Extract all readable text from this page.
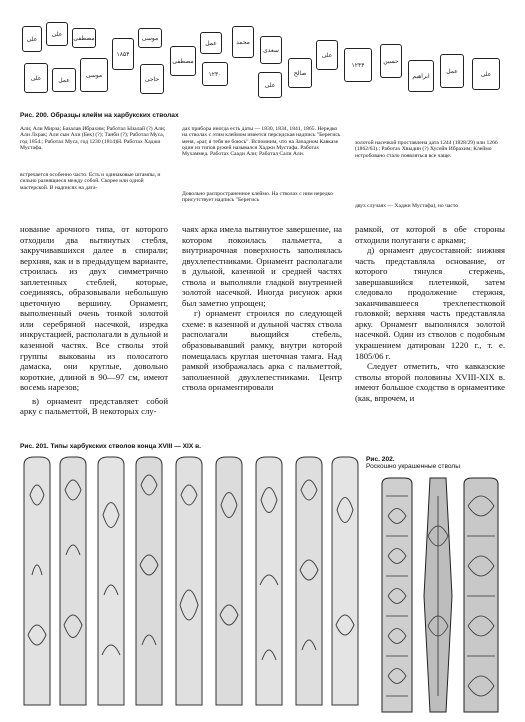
علی
علی
مصطفی
علی	عمل
موسی
۱۸۵۴
موسی
حاجی
مصطفی
عمل
۱۲۳۰
محمد
سعدی
علی
صالح
علی
۱۲۴۴
حسین
ابراهیم
عمل	علی
Рис. 200. Образцы клейм на харбукских стволах
Али; Али Мирза; Базалав Ибрахим; Работал Ызалай (?) Али; Али Лхрак; Али сын Али (Бек) (?); Танби (?); Работал Муса, год 1854.; Работал Муса, год 1230 (1814)Н. Работах Хаджи Мустафа.
встречается особенно часто. Есть и одинаковые штампы, и сильно разнящиеся между собой. Скорее или одной мастерской. В надписях на дата-
дах прибора иногда есть даты — 1830, 1834, 1841, 1865. Нередко на стволах с этим клеймом имеется персидская надпись "Берегись меня, «раг, я тебя не боюсь". Вспомним, что на Западном Кавказе один из типов ружей назывался Хаджи Мустафа. Работах Мухаммед. Работах Саади Али; Работал Сали Али.
Довольно распространенное клеймо. На стволах с ним нередко присутствует надпись "Берегись
золотой насечкой проставлена дата 1244 (1828/29) или 1266 (1862/63).; Работах Хвыдин (?) Хусейн Ибрахим; Клеймо истробовано стало появляться все чаще.
двух случаях — Хаджи Мустафа), но часто

нование арочного типа, от которого отходили два вытянутых стебля, закручивавшихся далее в спирали; верхняя, как и в предыдущем варианте, строилась из двух симметрично заплетенных стеблей, которые, соединяясь, образовывали небольшую цветочную вершину. Орнамент, выполненный очень тонкой золотой или серебряной насечкой, изредка инкрустацией, располагали в дульной и казенной частях. Все стволы этой группы выкованы из полосатого дамаска, они круглые, довольно короткие, длиной в 90—97 см, имеют восемь нарезов;

в) орнамент представляет собой арку с пальметтой, В некоторых слу-

чаях арка имела вытянутое завершение, на котором покоилась пальметта, а внутриарочная поверхность заполнялась двухлепестниками. Орнамент располагали в дульной, казенной и средней частях ствола и выполняли гладкой внутренней золотой насечкой. Иногда рисунок арки был заметно упрощен;

г) орнамент строился по следующей схеме: в казенной и дульной частях ствола располагали вьющийся стебель, образовывавший рамку, внутри которой помещалась круглая шеточная тамга. Над рамкой изображалась арка с пальметтой, заполненной двухлепестниками. Центр ствола орнаментировали

рамкой, от которой в обе стороны отходили полуганги с арками;

д) орнамент двусоставной: нижняя часть представляла основание, от которого тянулся стержень, завершавшийся плетенкой, затем следовало продолжение стержня, заканчивавшееся трехлепестковой головкой; верхняя часть представляла арку. Орнамент выполнялся золотой насечкой. Один из стволов с подобным украшением датирован 1220 г., т. е. 1805/06 г.

Следует отметить, что кавказские стволы второй половины XVIII-XIX в. имеют большое сходство в орнаментике (как, впрочем, и

Рис. 201. Типы харбукских стволов конца XVIII — XIX в.
Рис. 202.
Роскошно украшенные стволы
